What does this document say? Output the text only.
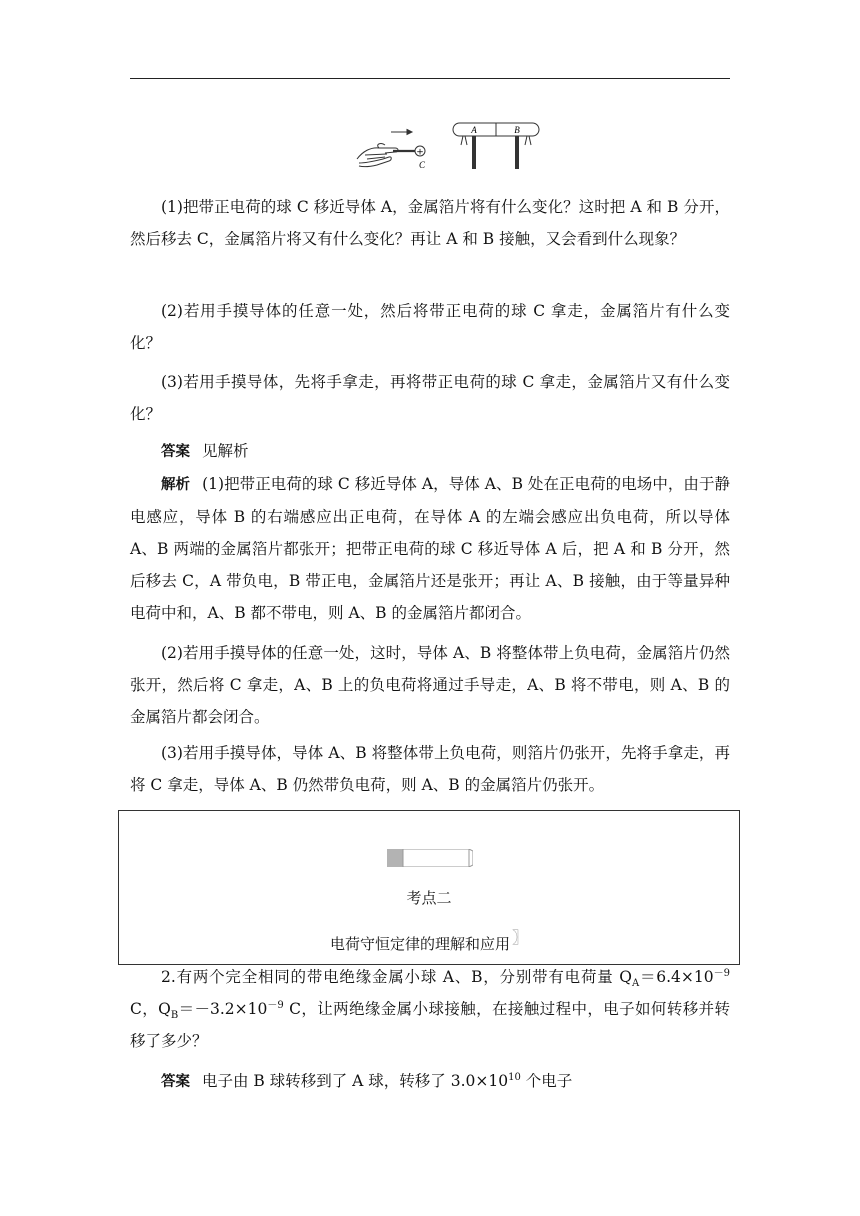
+
C
A	B

(1)把带正电荷的球 C 移近导体 A，金属箔片将有什么变化？这时把 A 和 B 分开，然后移去 C，金属箔片将又有什么变化？再让 A 和 B 接触，又会看到什么现象？

(2)若用手摸导体的任意一处，然后将带正电荷的球 C 拿走，金属箔片有什么变化？

(3)若用手摸导体，先将手拿走，再将带正电荷的球 C 拿走，金属箔片又有什么变化？

答案 见解析

解析 (1)把带正电荷的球 C 移近导体 A，导体 A、B 处在正电荷的电场中，由于静电感应，导体 B 的右端感应出正电荷，在导体 A 的左端会感应出负电荷，所以导体 A、B 两端的金属箔片都张开；把带正电荷的球 C 移近导体 A 后，把 A 和 B 分开，然后移去 C，A 带负电，B 带正电，金属箔片还是张开；再让 A、B 接触，由于等量异种电荷中和，A、B 都不带电，则 A、B 的金属箔片都闭合。

(2)若用手摸导体的任意一处，这时，导体 A、B 将整体带上负电荷，金属箔片仍然张开，然后将 C 拿走，A、B 上的负电荷将通过手导走，A、B 将不带电，则 A、B 的金属箔片都会闭合。

(3)若用手摸导体，导体 A、B 将整体带上负电荷，则箔片仍张开，先将手拿走，再将 C 拿走，导体 A、B 仍然带负电荷，则 A、B 的金属箔片仍张开。

考点二
电荷守恒定律的理解和应用 〗

2.有两个完全相同的带电绝缘金属小球 A、B，分别带有电荷量 $Q_A=6.4\times 10^{-9}$ C，$Q_B=-3.2\times 10^{-9}$ C，让两绝缘金属小球接触，在接触过程中，电子如何转移并转移了多少？

答案 电子由 B 球转移到了 A 球，转移了 $3.0\times 10^{10}$ 个电子
